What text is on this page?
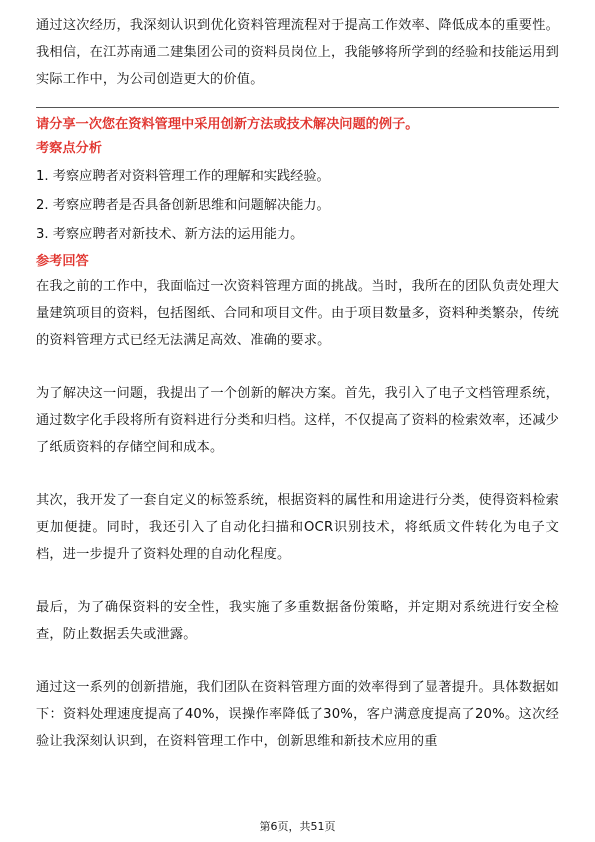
通过这次经历，我深刻认识到优化资料管理流程对于提高工作效率、降低成本的重要性。我相信，在江苏南通二建集团公司的资料员岗位上，我能够将所学到的经验和技能运用到实际工作中，为公司创造更大的价值。

请分享一次您在资料管理中采用创新方法或技术解决问题的例子。

考察点分析

1. 考察应聘者对资料管理工作的理解和实践经验。
2. 考察应聘者是否具备创新思维和问题解决能力。
3. 考察应聘者对新技术、新方法的运用能力。

参考回答

在我之前的工作中，我面临过一次资料管理方面的挑战。当时，我所在的团队负责处理大量建筑项目的资料，包括图纸、合同和项目文件。由于项目数量多，资料种类繁杂，传统的资料管理方式已经无法满足高效、准确的要求。

为了解决这一问题，我提出了一个创新的解决方案。首先，我引入了电子文档管理系统，通过数字化手段将所有资料进行分类和归档。这样，不仅提高了资料的检索效率，还减少了纸质资料的存储空间和成本。

其次，我开发了一套自定义的标签系统，根据资料的属性和用途进行分类，使得资料检索更加便捷。同时，我还引入了自动化扫描和OCR识别技术，将纸质文件转化为电子文档，进一步提升了资料处理的自动化程度。

最后，为了确保资料的安全性，我实施了多重数据备份策略，并定期对系统进行安全检查，防止数据丢失或泄露。

通过这一系列的创新措施，我们团队在资料管理方面的效率得到了显著提升。具体数据如下：资料处理速度提高了40%，误操作率降低了30%，客户满意度提高了20%。这次经验让我深刻认识到，在资料管理工作中，创新思维和新技术应用的重

第6页，共51页
